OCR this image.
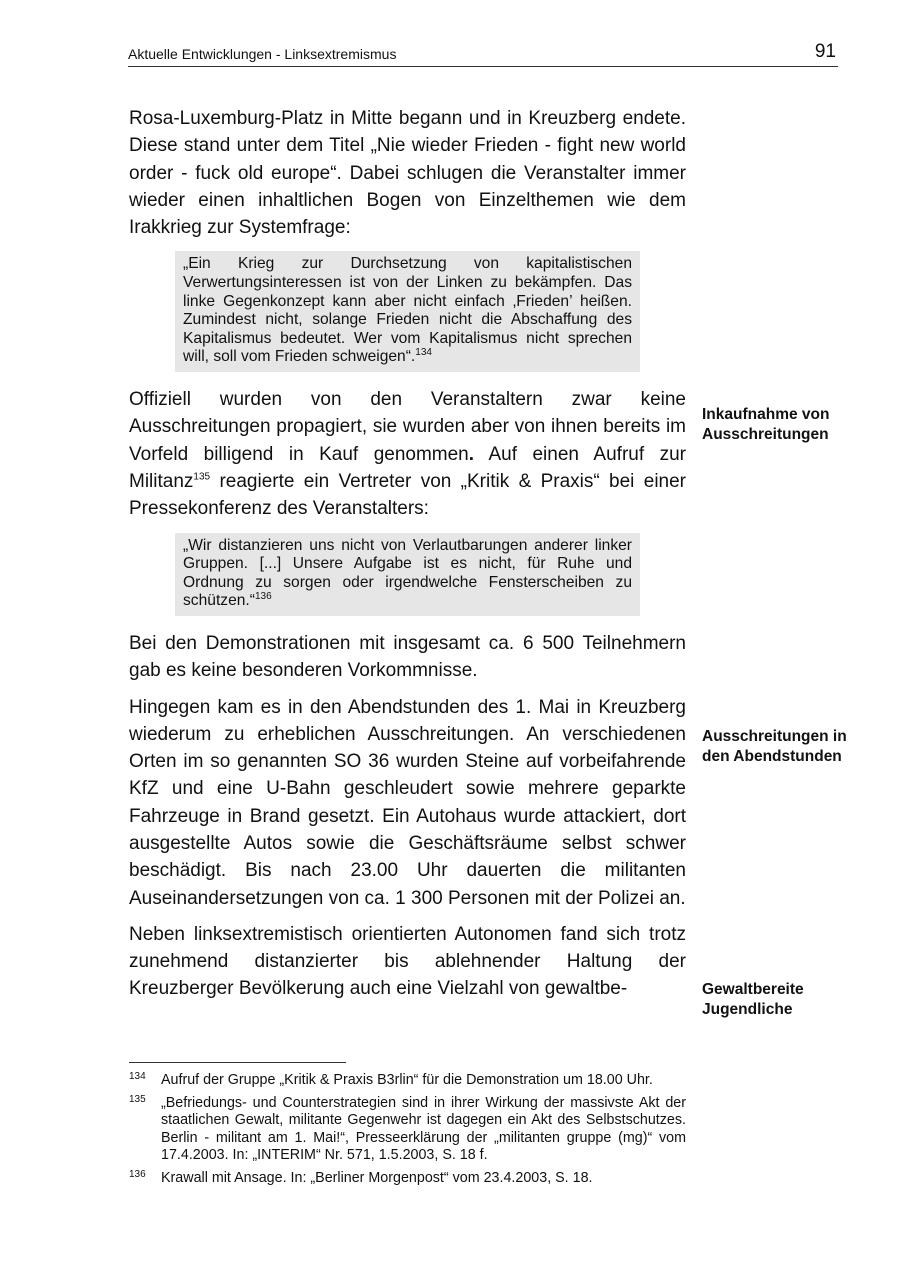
Aktuelle Entwicklungen - Linksextremismus	91

Rosa-Luxemburg-Platz in Mitte begann und in Kreuzberg endete. Diese stand unter dem Titel „Nie wieder Frieden - fight new world order - fuck old europe“. Dabei schlugen die Veranstalter immer wieder einen inhaltlichen Bogen von Einzelthemen wie dem Irakkrieg zur Systemfrage:

„Ein Krieg zur Durchsetzung von kapitalistischen Verwertungsinteressen ist von der Linken zu bekämpfen. Das linke Gegenkonzept kann aber nicht einfach ‚Frieden’ heißen. Zumindest nicht, solange Frieden nicht die Abschaffung des Kapitalismus bedeutet. Wer vom Kapitalismus nicht sprechen will, soll vom Frieden schweigen“.$^{134}$

Offiziell wurden von den Veranstaltern zwar keine Ausschreitungen propagiert, sie wurden aber von ihnen bereits im Vorfeld billigend in Kauf genommen. Auf einen Aufruf zur Militanz$^{135}$ reagierte ein Vertreter von „Kritik & Praxis“ bei einer Pressekonferenz des Veranstalters:

„Wir distanzieren uns nicht von Verlautbarungen anderer linker Gruppen. [...] Unsere Aufgabe ist es nicht, für Ruhe und Ordnung zu sorgen oder irgendwelche Fensterscheiben zu schützen.“$^{136}$

Bei den Demonstrationen mit insgesamt ca. 6 500 Teilnehmern gab es keine besonderen Vorkommnisse.

Hingegen kam es in den Abendstunden des 1. Mai in Kreuzberg wiederum zu erheblichen Ausschreitungen. An verschiedenen Orten im so genannten SO 36 wurden Steine auf vorbeifahrende KfZ und eine U-Bahn geschleudert sowie mehrere geparkte Fahrzeuge in Brand gesetzt. Ein Autohaus wurde attackiert, dort ausgestellte Autos sowie die Geschäftsräume selbst schwer beschädigt. Bis nach 23.00 Uhr dauerten die militanten Auseinandersetzungen von ca. 1 300 Personen mit der Polizei an.

Neben linksextremistisch orientierten Autonomen fand sich trotz zunehmend distanzierter bis ablehnender Haltung der Kreuzberger Bevölkerung auch eine Vielzahl von gewaltbe-

Inkaufnahme von Ausschreitungen
Ausschreitungen in den Abendstunden
Gewaltbereite Jugendliche
134 Aufruf der Gruppe „Kritik & Praxis B3rlin“ für die Demonstration um 18.00 Uhr.
135 „Befriedungs- und Counterstrategien sind in ihrer Wirkung der massivste Akt der staatlichen Gewalt, militante Gegenwehr ist dagegen ein Akt des Selbstschutzes. Berlin - militant am 1. Mai!“, Presseerklärung der „militanten gruppe (mg)“ vom 17.4.2003. In: „INTERIM“ Nr. 571, 1.5.2003, S. 18 f.
136 Krawall mit Ansage. In: „Berliner Morgenpost“ vom 23.4.2003, S. 18.
